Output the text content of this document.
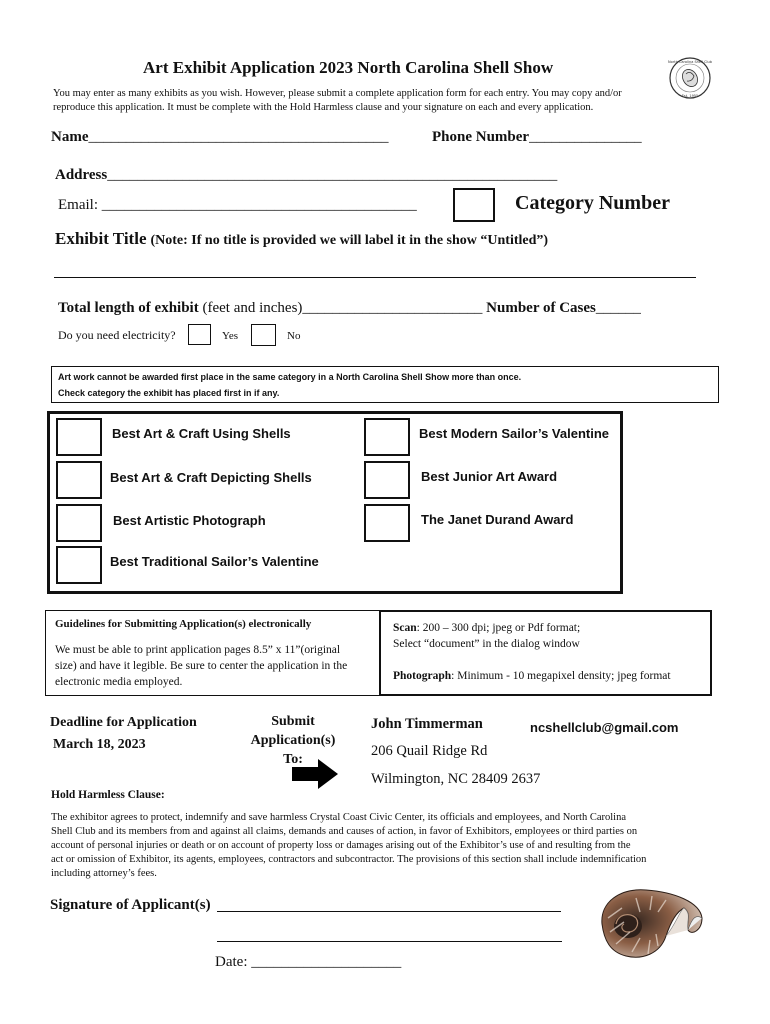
Art Exhibit Application 2023 North Carolina Shell Show
You may enter as many exhibits as you wish. However, please submit a complete application form for each entry. You may copy and/or
reproduce this application. It must be complete with the Hold Harmless clause and your signature on each and every application.
North Carolina Shell Club
Est. 1955
Name________________________________________	Phone Number_______________
Address____________________________________________________________
Email: __________________________________________	Category Number
Exhibit Title (Note: If no title is provided we will label it in the show “Untitled”)
Total length of exhibit (feet and inches)________________________ Number of Cases______
Do you need electricity?	Yes	No
Art work cannot be awarded first place in the same category in a North Carolina Shell Show more than once.
Check category the exhibit has placed first in if any.
Best Art & Craft Using Shells
Best Art & Craft Depicting Shells
Best Artistic Photograph
Best Traditional Sailor’s Valentine
Best Modern Sailor’s Valentine
Best Junior Art Award
The Janet Durand Award
Guidelines for Submitting Application(s) electronically
We must be able to print application pages 8.5” x 11”(original
size) and have it legible. Be sure to center the application in the
electronic media employed.
Scan: 200 – 300 dpi; jpeg or Pdf format;
Select “document” in the dialog window
Photograph: Minimum - 10 megapixel density; jpeg format
Deadline for Application
March 18, 2023
Submit
Application(s)
To:
John Timmerman	ncshellclub@gmail.com
206 Quail Ridge Rd
Wilmington, NC 28409 2637
Hold Harmless Clause:
The exhibitor agrees to protect, indemnify and save harmless Crystal Coast Civic Center, its officials and employees, and North Carolina
Shell Club and its members from and against all claims, demands and causes of action, in favor of Exhibitors, employees or third parties on
account of personal injuries or death or on account of property loss or damages arising out of the Exhibitor’s use of and resulting from the
act or omission of Exhibitor, its agents, employees, contractors and subcontractor. The provisions of this section shall include indemnification
including attorney’s fees.
Signature of Applicant(s)
Date: ____________________
